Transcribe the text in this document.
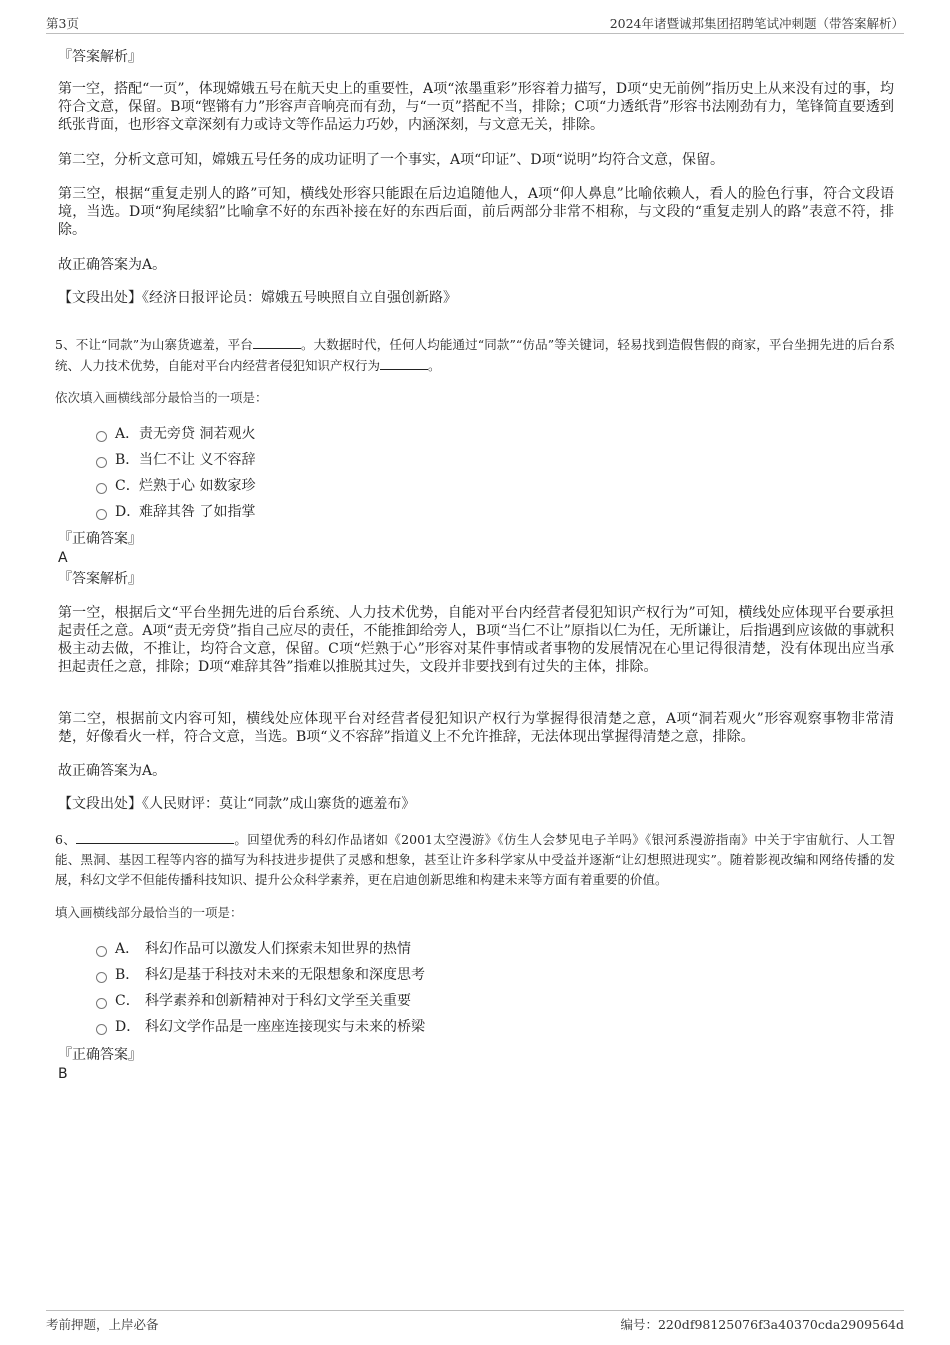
第3页	2024年诸暨诚邦集团招聘笔试冲刺题（带答案解析）
『答案解析』
第一空，搭配“一页”，体现嫦娥五号在航天史上的重要性，A项“浓墨重彩”形容着力描写，D项“史无前例”指历史上从来没有过的事，均符合文意，保留。B项“铿锵有力”形容声音响亮而有劲，与“一页”搭配不当，排除；C项“力透纸背”形容书法刚劲有力，笔锋简直要透到纸张背面，也形容文章深刻有力或诗文等作品运力巧妙，内涵深刻，与文意无关，排除。
第二空，分析文意可知，嫦娥五号任务的成功证明了一个事实，A项“印证”、D项“说明”均符合文意，保留。
第三空，根据“重复走别人的路”可知，横线处形容只能跟在后边追随他人，A项“仰人鼻息”比喻依赖人，看人的脸色行事，符合文段语境，当选。D项“狗尾续貂”比喻拿不好的东西补接在好的东西后面，前后两部分非常不相称，与文段的“重复走别人的路”表意不符，排除。
故正确答案为A。
【文段出处】《经济日报评论员：嫦娥五号映照自立自强创新路》
5、不让“同款”为山寨货遮羞，平台	。大数据时代，任何人均能通过“同款”“仿品”等关键词，轻易找到造假售假的商家，平台坐拥先进的后台系统、人力技术优势，自能对平台内经营者侵犯知识产权行为	。
依次填入画横线部分最恰当的一项是：
A． 责无旁贷 洞若观火
B． 当仁不让 义不容辞
C． 烂熟于心 如数家珍
D．
难辞其咎 了如指掌
『正确答案』
A
『答案解析』
第一空，根据后文“平台坐拥先进的后台系统、人力技术优势，自能对平台内经营者侵犯知识产权行为”可知，横线处应体现平台要承担起责任之意。A项“责无旁贷”指自己应尽的责任，不能推卸给旁人，B项“当仁不让”原指以仁为任，无所谦让，后指遇到应该做的事就积极主动去做，不推让，均符合文意，保留。C项“烂熟于心”形容对某件事情或者事物的发展情况在心里记得很清楚，没有体现出应当承担起责任之意，排除；D项“难辞其咎”指难以推脱其过失，文段并非要找到有过失的主体，排除。
第二空，根据前文内容可知，横线处应体现平台对经营者侵犯知识产权行为掌握得很清楚之意，A项“洞若观火”形容观察事物非常清楚，好像看火一样，符合文意，当选。B项“义不容辞”指道义上不允许推辞，无法体现出掌握得清楚之意，排除。
故正确答案为A。
【文段出处】《人民财评：莫让“同款”成山寨货的遮羞布》
6、	。回望优秀的科幻作品诸如《2001太空漫游》《仿生人会梦见电子羊吗》《银河系漫游指南》中关于宇宙航行、人工智能、黑洞、基因工程等内容的描写为科技进步提供了灵感和想象，甚至让许多科学家从中受益并逐渐“让幻想照进现实”。随着影视改编和网络传播的发展，科幻文学不但能传播科技知识、提升公众科学素养，更在启迪创新思维和构建未来等方面有着重要的价值。
填入画横线部分最恰当的一项是：
A． 科幻作品可以激发人们探索未知世界的热情
B． 科幻是基于科技对未来的无限想象和深度思考
C． 科学素养和创新精神对于科幻文学至关重要
D． 科幻文学作品是一座座连接现实与未来的桥梁
『正确答案』
B
考前押题，上岸必备	编号：220df98125076f3a40370cda2909564d
